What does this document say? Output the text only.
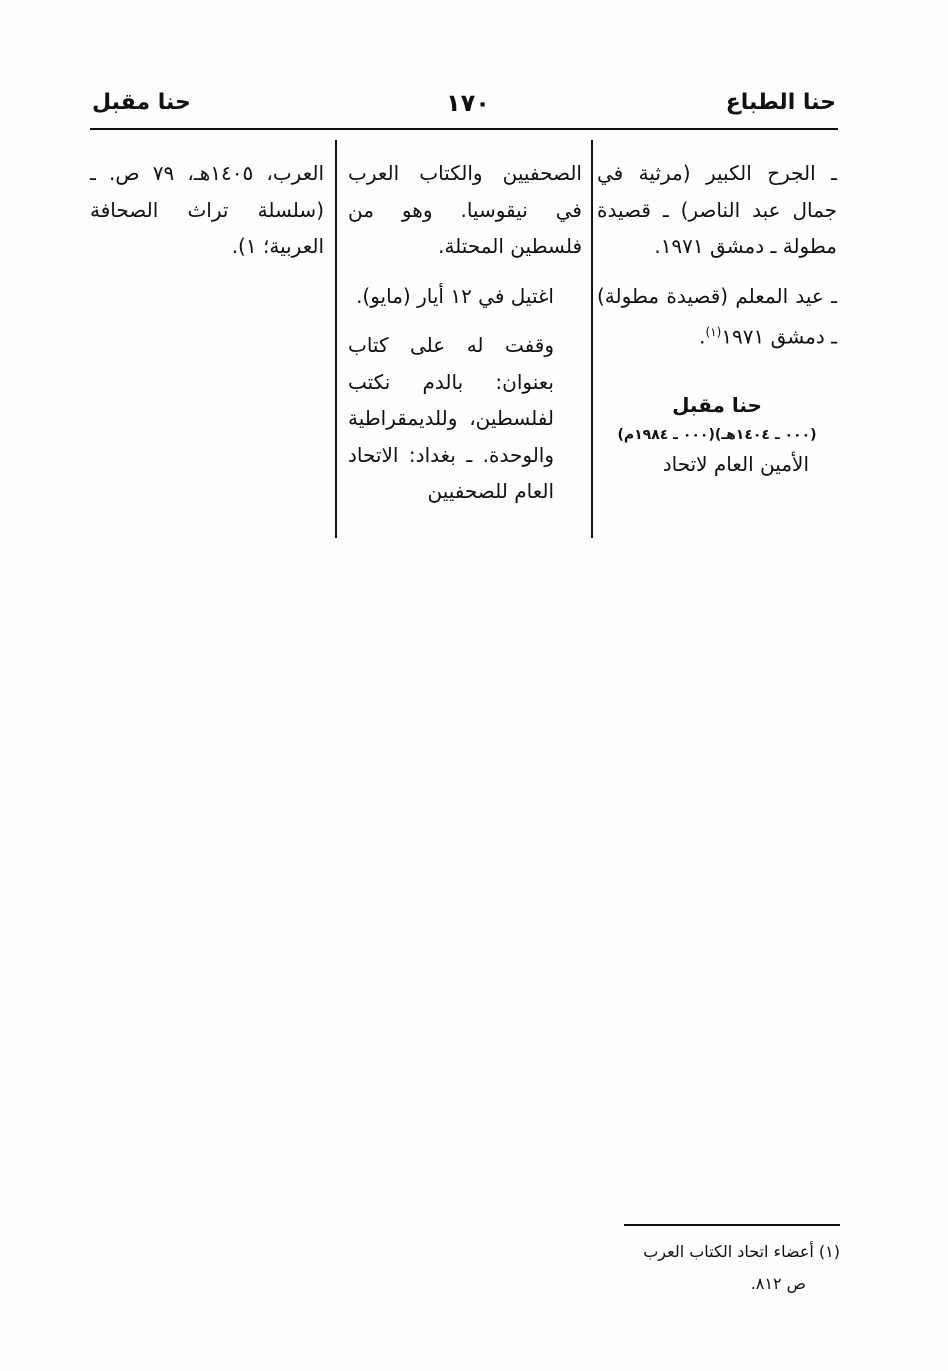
حنا مقبل	١٧٠	حنا الطباع

ـ الجرح الكبير (مرثية في جمال عبد الناصر) ـ قصيدة مطولة ـ دمشق ١٩٧١.

ـ عيد المعلم (قصيدة مطولة) ـ دمشق ١٩٧١$^{(١)}$.

حنا مقبل

(٠٠٠ ـ ١٤٠٤هـ)(٠٠٠ ـ ١٩٨٤م)

الأمين العام لاتحاد

الصحفيين والكتاب العرب في نيقوسيا. وهو من فلسطين المحتلة.

اغتيل في ١٢ أيار (مايو).

وقفت له على كتاب بعنوان: بالدم نكتب لفلسطين، وللديمقراطية والوحدة. ـ بغداد: الاتحاد العام للصحفيين

العرب، ١٤٠٥هـ، ٧٩ ص. ـ (سلسلة تراث الصحافة العربية؛ ١).

(١) أعضاء اتحاد الكتاب العرب
ص ٨١٢.
